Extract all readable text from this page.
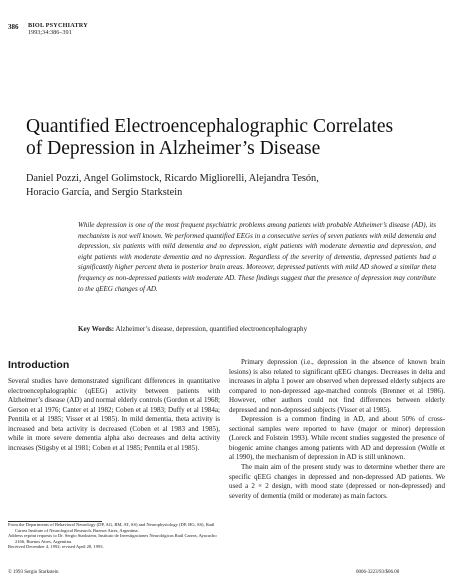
386 BIOL PSYCHIATRY
1993;34:386–391
Quantified Electroencephalographic Correlates
of Depression in Alzheimer’s Disease
Daniel Pozzi, Angel Golimstock, Ricardo Migliorelli, Alejandra Tesón,
Horacio García, and Sergio Starkstein
While depression is one of the most frequent psychiatric problems among patients with probable Alzheimer’s disease (AD), its mechanism is not well known. We performed quantified EEGs in a consecutive series of seven patients with mild dementia and depression, six patients with mild dementia and no depression, eight patients with moderate dementia and depression, and eight patients with moderate dementia and no depression. Regardless of the severity of dementia, depressed patients had a significantly higher percent theta in posterior brain areas. Moreover, depressed patients with mild AD showed a similar theta frequency as non-depressed patients with moderate AD. These findings suggest that the presence of depression may contribute to the qEEG changes of AD.
Key Words: Alzheimer’s disease, depression, quantified electroencephalography
Introduction

Several studies have demonstrated significant differences in quantitative electroencephalographic (qEEG) activity between patients with Alzheimer’s disease (AD) and normal elderly controls (Gordon et al 1968; Gerson et al 1976; Canter et al 1982; Coben et al 1983; Duffy et al 1984a; Penttila et al 1985; Visser et al 1985). In mild dementia, theta activity is increased and beta activity is decreased (Coben et al 1983 and 1985), while in more severe dementia alpha also decreases and delta activity increases (Stigsby et al 1981; Coben et al 1985; Penttila et al 1985).

Primary depression (i.e., depression in the absence of known brain lesions) is also related to significant qEEG changes. Decreases in delta and increases in alpha 1 power are observed when depressed elderly subjects are compared to non-depressed age-matched controls (Brenner et al 1986). However, other authors could not find differences between elderly depressed and non-depressed subjects (Visser et al 1985).

Depression is a common finding in AD, and about 50% of cross-sectional samples were reported to have (major or minor) depression (Loreck and Folstein 1993). While recent studies suggested the presence of biogenic amine changes among patients with AD and depression (Wolfe et al 1990), the mechanism of depression in AD is still unknown.

The main aim of the present study was to determine whether there are specific qEEG changes in depressed and non-depressed AD patients. We used a 2 × 2 design, with mood state (depressed or non-depressed) and severity of dementia (mild or moderate) as main factors.

From the Departments of Behavioral Neurology (DP, AG, RM, AT, SS) and Neurophysiology (DP, HG, SS), Raúl Carrea Institute of Neurological Research, Buenos Aires, Argentina.

Address reprint requests to Dr. Sergio Starkstein, Instituto de Investigaciones Neurológicas Raúl Carrea, Ayacucho 2166, Buenos Aires, Argentina.

Received December 4, 1992; revised April 28, 1993.

© 1993 Sergio Starkstein	0006-3223/93/$06.00
